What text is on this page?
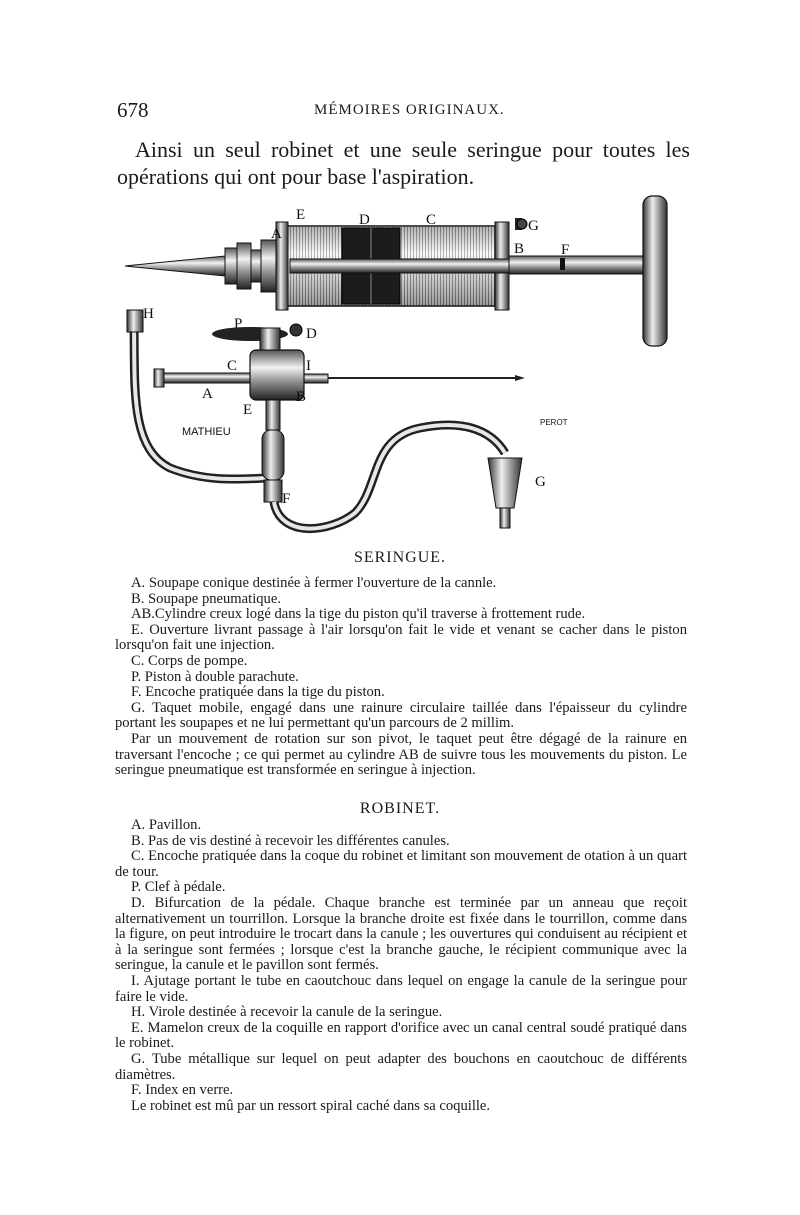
678	MÉMOIRES ORIGINAUX.

Ainsi un seul robinet et une seule seringue pour toutes les opérations qui ont pour base l'aspiration.

A
E	D	C	G
B F
H
P
D
C	I
A	B
E
F
G
MATHIEU
PEROT
SERINGUE.

A. Soupape conique destinée à fermer l'ouverture de la cannle.

B. Soupape pneumatique.

AB.Cylindre creux logé dans la tige du piston qu'il traverse à frottement rude.

E. Ouverture livrant passage à l'air lorsqu'on fait le vide et venant se cacher dans le piston lorsqu'on fait une injection.

C. Corps de pompe.

P. Piston à double parachute.

F. Encoche pratiquée dans la tige du piston.

G. Taquet mobile, engagé dans une rainure circulaire taillée dans l'épaisseur du cylindre portant les soupapes et ne lui permettant qu'un parcours de 2 millim.

Par un mouvement de rotation sur son pivot, le taquet peut être dégagé de la rainure en traversant l'encoche ; ce qui permet au cylindre AB de suivre tous les mouvements du piston. Le seringue pneumatique est transformée en seringue à injection.

ROBINET.

A. Pavillon.

B. Pas de vis destiné à recevoir les différentes canules.

C. Encoche pratiquée dans la coque du robinet et limitant son mouvement de otation à un quart de tour.

P. Clef à pédale.

D. Bifurcation de la pédale. Chaque branche est terminée par un anneau que reçoit alternativement un tourrillon. Lorsque la branche droite est fixée dans le tourrillon, comme dans la figure, on peut introduire le trocart dans la canule ; les ouvertures qui conduisent au récipient et à la seringue sont fermées ; lorsque c'est la branche gauche, le récipient communique avec la seringue, la canule et le pavillon sont fermés.

I. Ajutage portant le tube en caoutchouc dans lequel on engage la canule de la seringue pour faire le vide.

H. Virole destinée à recevoir la canule de la seringue.

E. Mamelon creux de la coquille en rapport d'orifice avec un canal central soudé pratiqué dans le robinet.

G. Tube métallique sur lequel on peut adapter des bouchons en caoutchouc de différents diamètres.

F. Index en verre.

Le robinet est mû par un ressort spiral caché dans sa coquille.
